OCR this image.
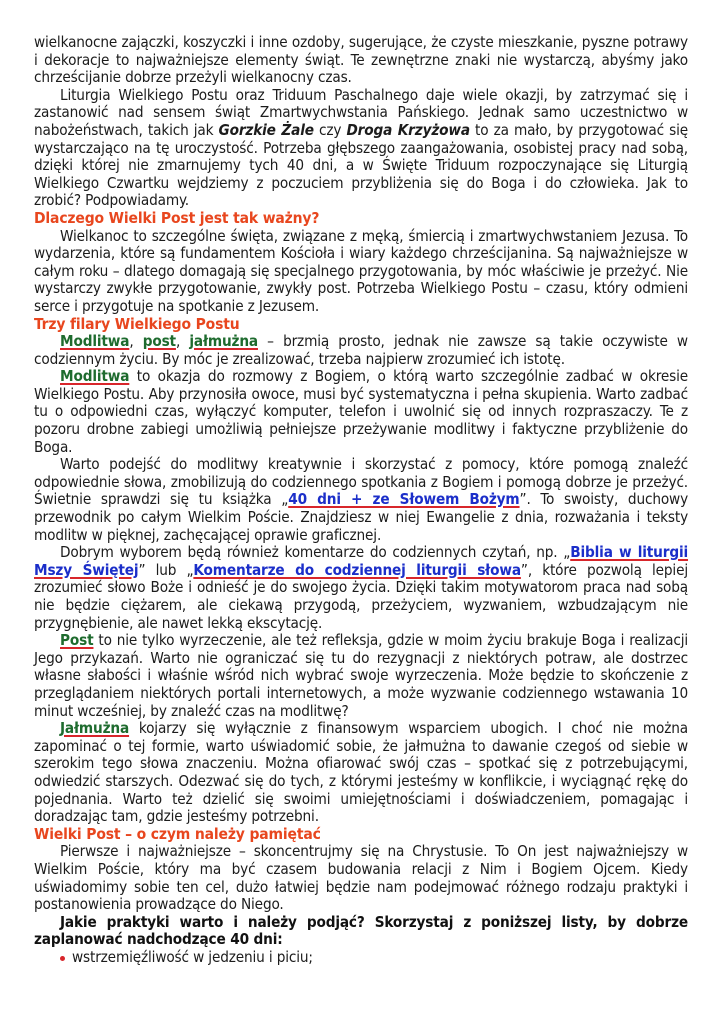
wielkanocne zajączki, koszyczki i inne ozdoby, sugerujące, że czyste mieszkanie, pyszne potrawy i dekoracje to najważniejsze elementy świąt. Te zewnętrzne znaki nie wystarczą, abyśmy jako chrześcijanie dobrze przeżyli wielkanocny czas.

Liturgia Wielkiego Postu oraz Triduum Paschalnego daje wiele okazji, by zatrzymać się i zastanowić nad sensem świąt Zmartwychwstania Pańskiego. Jednak samo uczestnictwo w nabożeństwach, takich jak Gorzkie Żale czy Droga Krzyżowa to za mało, by przygotować się wystarczająco na tę uroczystość. Potrzeba głębszego zaangażowania, osobistej pracy nad sobą, dzięki której nie zmarnujemy tych 40 dni, a w Święte Triduum rozpoczynające się Liturgią Wielkiego Czwartku wejdziemy z poczuciem przybliżenia się do Boga i do człowieka. Jak to zrobić? Podpowiadamy.

Dlaczego Wielki Post jest tak ważny?

Wielkanoc to szczególne święta, związane z męką, śmiercią i zmartwychwstaniem Jezusa. To wydarzenia, które są fundamentem Kościoła i wiary każdego chrześcijanina. Są najważniejsze w całym roku – dlatego domagają się specjalnego przygotowania, by móc właściwie je przeżyć. Nie wystarczy zwykłe przygotowanie, zwykły post. Potrzeba Wielkiego Postu – czasu, który odmieni serce i przygotuje na spotkanie z Jezusem.

Trzy filary Wielkiego Postu

Modlitwa, post, jałmużna – brzmią prosto, jednak nie zawsze są takie oczywiste w codziennym życiu. By móc je zrealizować, trzeba najpierw zrozumieć ich istotę.

Modlitwa to okazja do rozmowy z Bogiem, o którą warto szczególnie zadbać w okresie Wielkiego Postu. Aby przynosiła owoce, musi być systematyczna i pełna skupienia. Warto zadbać tu o odpowiedni czas, wyłączyć komputer, telefon i uwolnić się od innych rozpraszaczy. Te z pozoru drobne zabiegi umożliwią pełniejsze przeżywanie modlitwy i faktyczne przybliżenie do Boga.

Warto podejść do modlitwy kreatywnie i skorzystać z pomocy, które pomogą znaleźć odpowiednie słowa, zmobilizują do codziennego spotkania z Bogiem i pomogą dobrze je przeżyć. Świetnie sprawdzi się tu książka „40 dni + ze Słowem Bożym”. To swoisty, duchowy przewodnik po całym Wielkim Poście. Znajdziesz w niej Ewangelie z dnia, rozważania i teksty modlitw w pięknej, zachęcającej oprawie graficznej.

Dobrym wyborem będą również komentarze do codziennych czytań, np. „Biblia w liturgii Mszy Świętej” lub „Komentarze do codziennej liturgii słowa”, które pozwolą lepiej zrozumieć słowo Boże i odnieść je do swojego życia. Dzięki takim motywatorom praca nad sobą nie będzie ciężarem, ale ciekawą przygodą, przeżyciem, wyzwaniem, wzbudzającym nie przygnębienie, ale nawet lekką ekscytację.

Post to nie tylko wyrzeczenie, ale też refleksja, gdzie w moim życiu brakuje Boga i realizacji Jego przykazań. Warto nie ograniczać się tu do rezygnacji z niektórych potraw, ale dostrzec własne słabości i właśnie wśród nich wybrać swoje wyrzeczenia. Może będzie to skończenie z przeglądaniem niektórych portali internetowych, a może wyzwanie codziennego wstawania 10 minut wcześniej, by znaleźć czas na modlitwę?

Jałmużna kojarzy się wyłącznie z finansowym wsparciem ubogich. I choć nie można zapominać o tej formie, warto uświadomić sobie, że jałmużna to dawanie czegoś od siebie w szerokim tego słowa znaczeniu. Można ofiarować swój czas – spotkać się z potrzebującymi, odwiedzić starszych. Odezwać się do tych, z którymi jesteśmy w konflikcie, i wyciągnąć rękę do pojednania. Warto też dzielić się swoimi umiejętnościami i doświadczeniem, pomagając i doradzając tam, gdzie jesteśmy potrzebni.

Wielki Post – o czym należy pamiętać

Pierwsze i najważniejsze – skoncentrujmy się na Chrystusie. To On jest najważniejszy w Wielkim Poście, który ma być czasem budowania relacji z Nim i Bogiem Ojcem. Kiedy uświadomimy sobie ten cel, dużo łatwiej będzie nam podejmować różnego rodzaju praktyki i postanowienia prowadzące do Niego.

Jakie praktyki warto i należy podjąć? Skorzystaj z poniższej listy, by dobrze zaplanować nadchodzące 40 dni:

wstrzemięźliwość w jedzeniu i piciu;
